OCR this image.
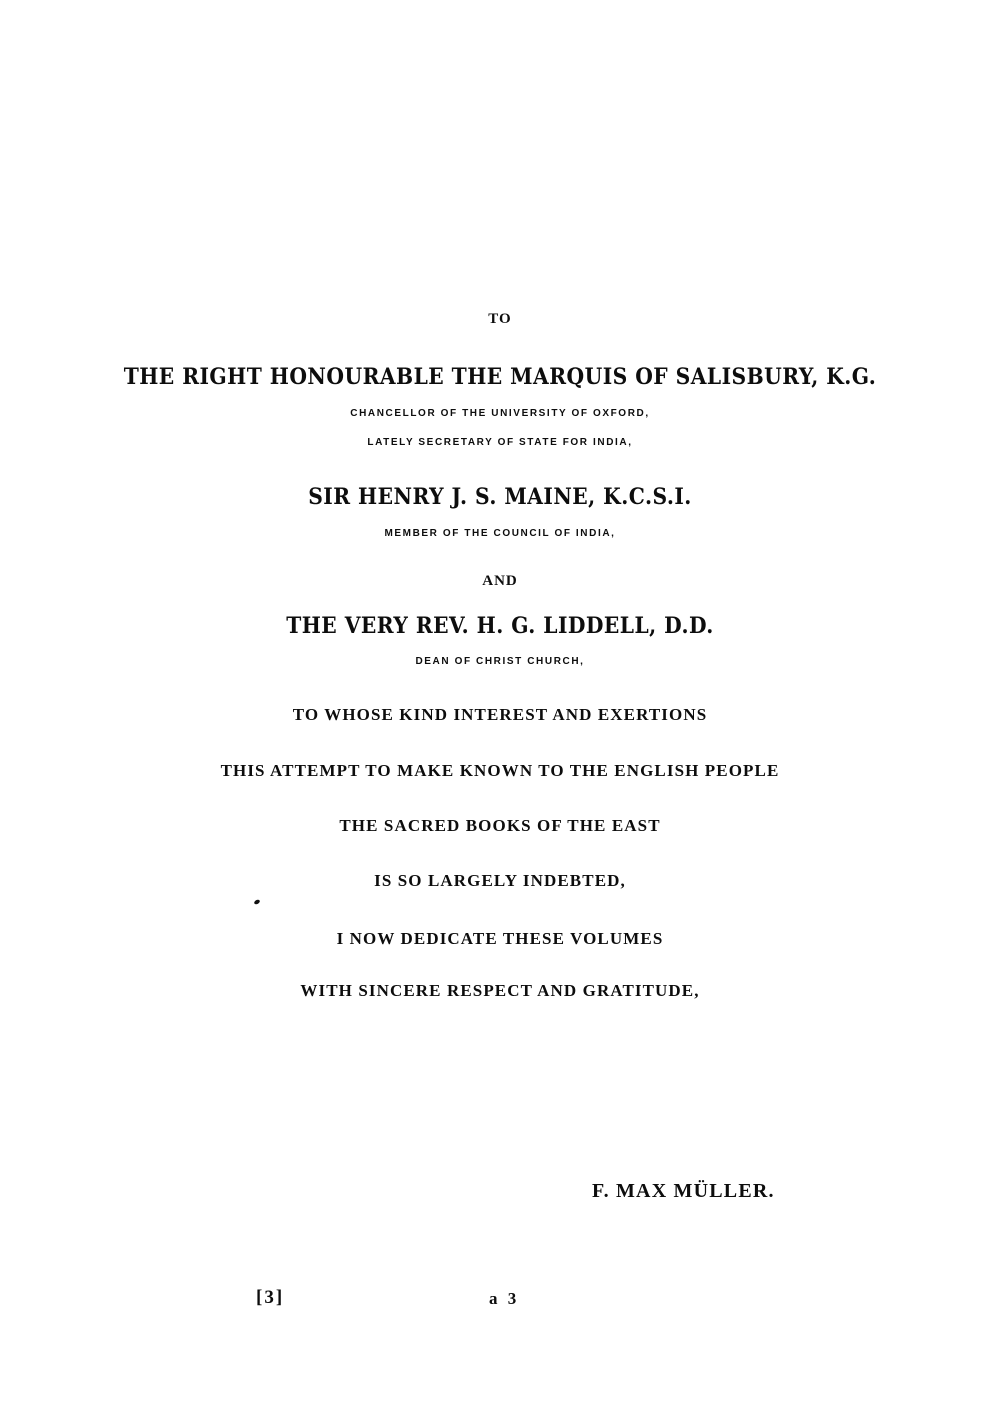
TO
THE RIGHT HONOURABLE THE MARQUIS OF SALISBURY, K.G.
CHANCELLOR OF THE UNIVERSITY OF OXFORD,
LATELY SECRETARY OF STATE FOR INDIA,
SIR HENRY J. S. MAINE, K.C.S.I.
MEMBER OF THE COUNCIL OF INDIA,
AND
THE VERY REV. H. G. LIDDELL, D.D.
DEAN OF CHRIST CHURCH,
TO WHOSE KIND INTEREST AND EXERTIONS
THIS ATTEMPT TO MAKE KNOWN TO THE ENGLISH PEOPLE
THE SACRED BOOKS OF THE EAST
IS SO LARGELY INDEBTED,
I NOW DEDICATE THESE VOLUMES
WITH SINCERE RESPECT AND GRATITUDE,
F. MAX MÜLLER.
[3]	a 3
